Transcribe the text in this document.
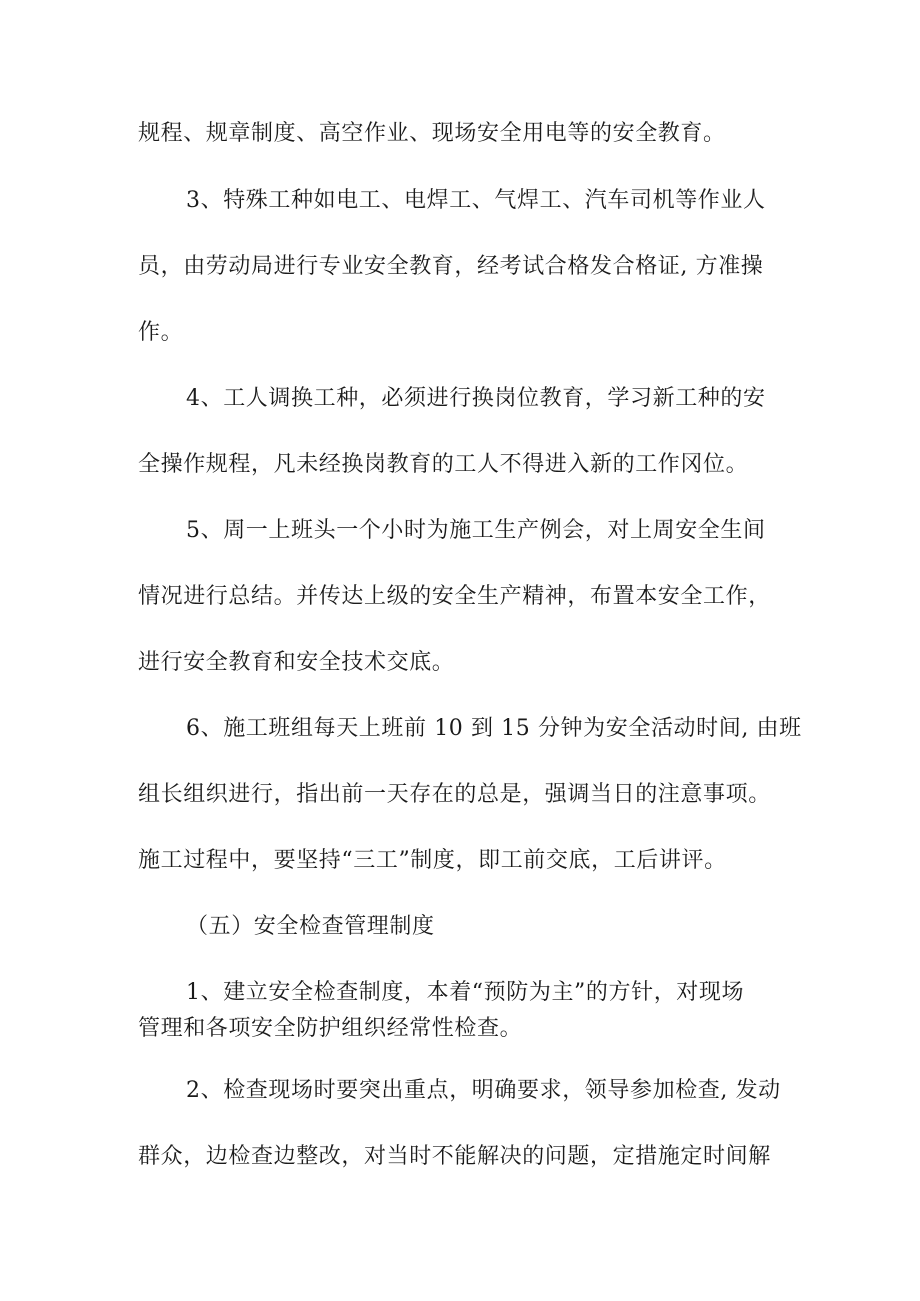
规程、规章制度、高空作业、现场安全用电等的安全教育。
3、特殊工种如电工、电焊工、气焊工、汽车司机等作业人
员，由劳动局进行专业安全教育，经考试合格发合格证, 方准操
作。
4、工人调换工种，必须进行换岗位教育，学习新工种的安
全操作规程，凡未经换岗教育的工人不得进入新的工作冈位。
5、周一上班头一个小时为施工生产例会，对上周安全生间
情况进行总结。并传达上级的安全生产精神，布置本安全工作，
进行安全教育和安全技术交底。
6、施工班组每天上班前 10 到 15 分钟为安全活动时间, 由班
组长组织进行，指出前一天存在的总是，强调当日的注意事项。
施工过程中，要坚持“三工”制度，即工前交底，工后讲评。
（五）安全检查管理制度
1、建立安全检查制度，本着“预防为主”的方针，对现场
管理和各项安全防护组织经常性检查。
2、检查现场时要突出重点，明确要求，领导参加检查, 发动
群众，边检查边整改，对当时不能解决的问题，定措施定时间解
